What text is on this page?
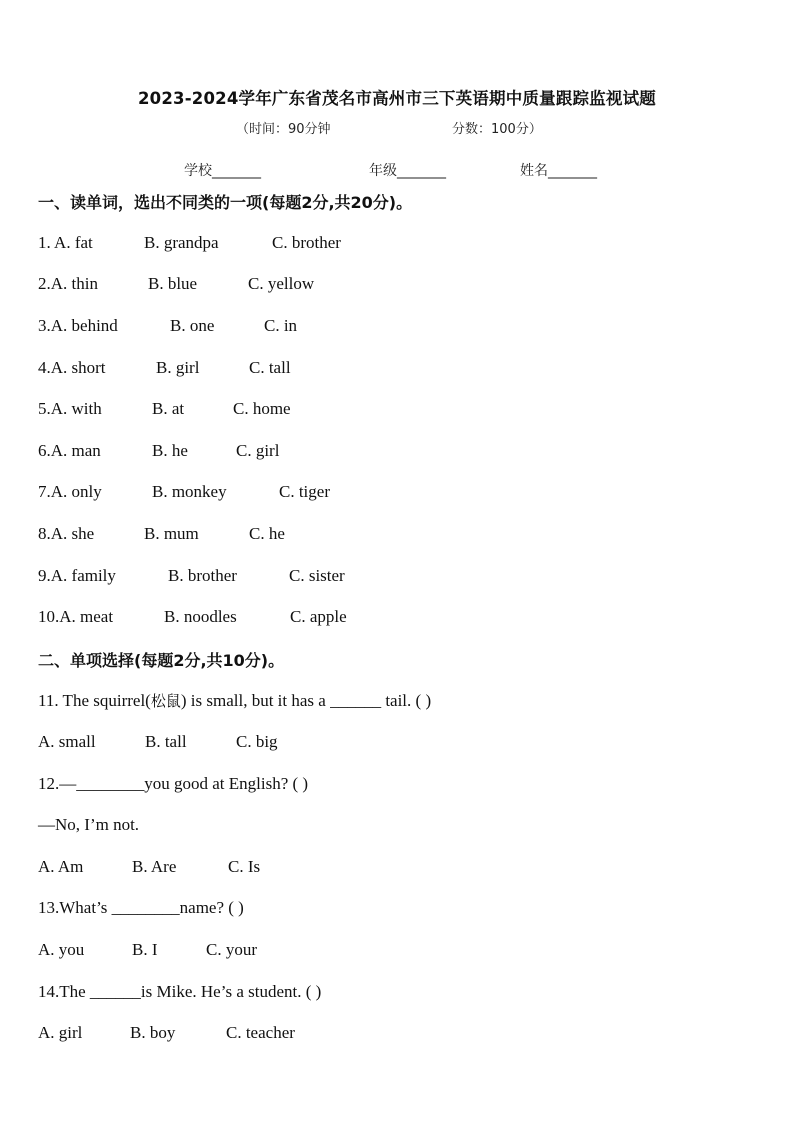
2023-2024学年广东省茂名市高州市三下英语期中质量跟踪监视试题
（时间：90分钟	分数：100分）
学校_______	年级_______	姓名_______
一、读单词，选出不同类的一项(每题2分,共20分)。
1. A. fat	B. grandpa	C. brother
2.A. thin	B. blue	C. yellow
3.A. behind	B. one	C. in
4.A. short	B. girl	C. tall
5.A. with	B. at	C. home
6.A. man	B. he	C. girl
7.A. only	B. monkey	C. tiger
8.A. she	B. mum	C. he
9.A. family	B. brother	C. sister
10.A. meat	B. noodles	C. apple
二、单项选择(每题2分,共10分)。
11. The squirrel(松鼠) is small, but it has a ______ tail. ( )
A. small	B. tall	C. big
12.—________you good at English? ( )
—No, I’m not.
A. Am	B. Are	C. Is
13.What’s ________name? ( )
A. you	B. I	C. your
14.The ______is Mike. He’s a student. ( )
A. girl	B. boy	C. teacher
